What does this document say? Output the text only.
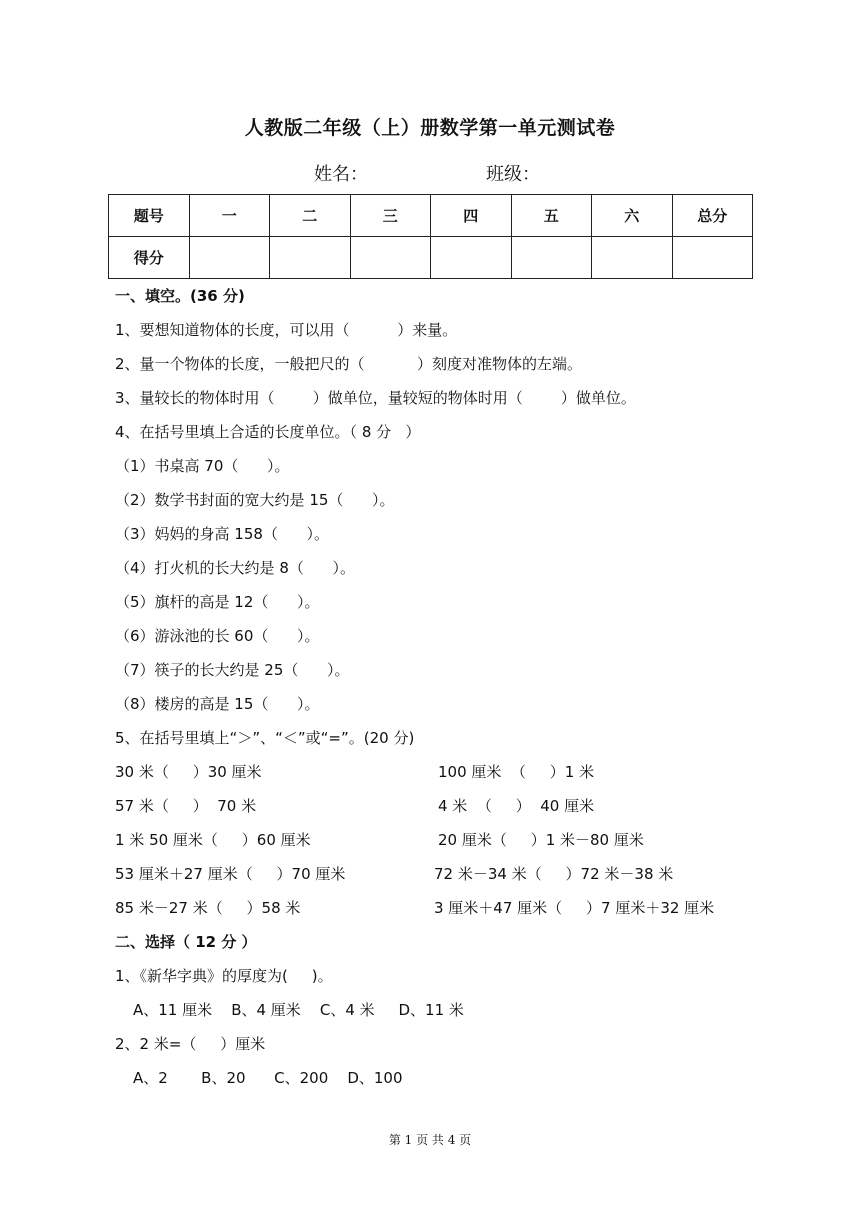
人教版二年级（上）册数学第一单元测试卷
姓名：	班级：
题号	一	二	三	四	五	六	总分
得分							
一、填空。(36 分)
1、要想知道物体的长度，可以用（          ）来量。
2、量一个物体的长度，一般把尺的（           ）刻度对准物体的左端。
3、量较长的物体时用（        ）做单位，量较短的物体时用（        ）做单位。
4、在括号里填上合适的长度单位。（ 8 分   ）
（1）书桌高 70（      ）。
（2）数学书封面的宽大约是 15（      ）。
（3）妈妈的身高 158（      ）。
（4）打火机的长大约是 8（      ）。
（5）旗杆的高是 12（      ）。
（6）游泳池的长 60（      ）。
（7）筷子的长大约是 25（      ）。
（8）楼房的高是 15（      ）。
5、在括号里填上“＞”、“＜”或“=”。(20 分)
30 米（     ）30 厘米
57 米（     ）  70 米
1 米 50 厘米（     ）60 厘米
53 厘米＋27 厘米（     ）70 厘米
85 米－27 米（     ）58 米
100 厘米  （     ）1 米
4 米  （     ）  40 厘米
20 厘米（     ）1 米－80 厘米
72 米－34 米（     ）72 米－38 米
3 厘米＋47 厘米（     ）7 厘米＋32 厘米
二、选择（ 12 分 ）
1、《新华字典》的厚度为(     )。
A、11 厘米    B、4 厘米    C、4 米     D、11 米
2、2 米=（     ）厘米
A、2       B、20      C、200    D、100
第 1 页 共 4 页
